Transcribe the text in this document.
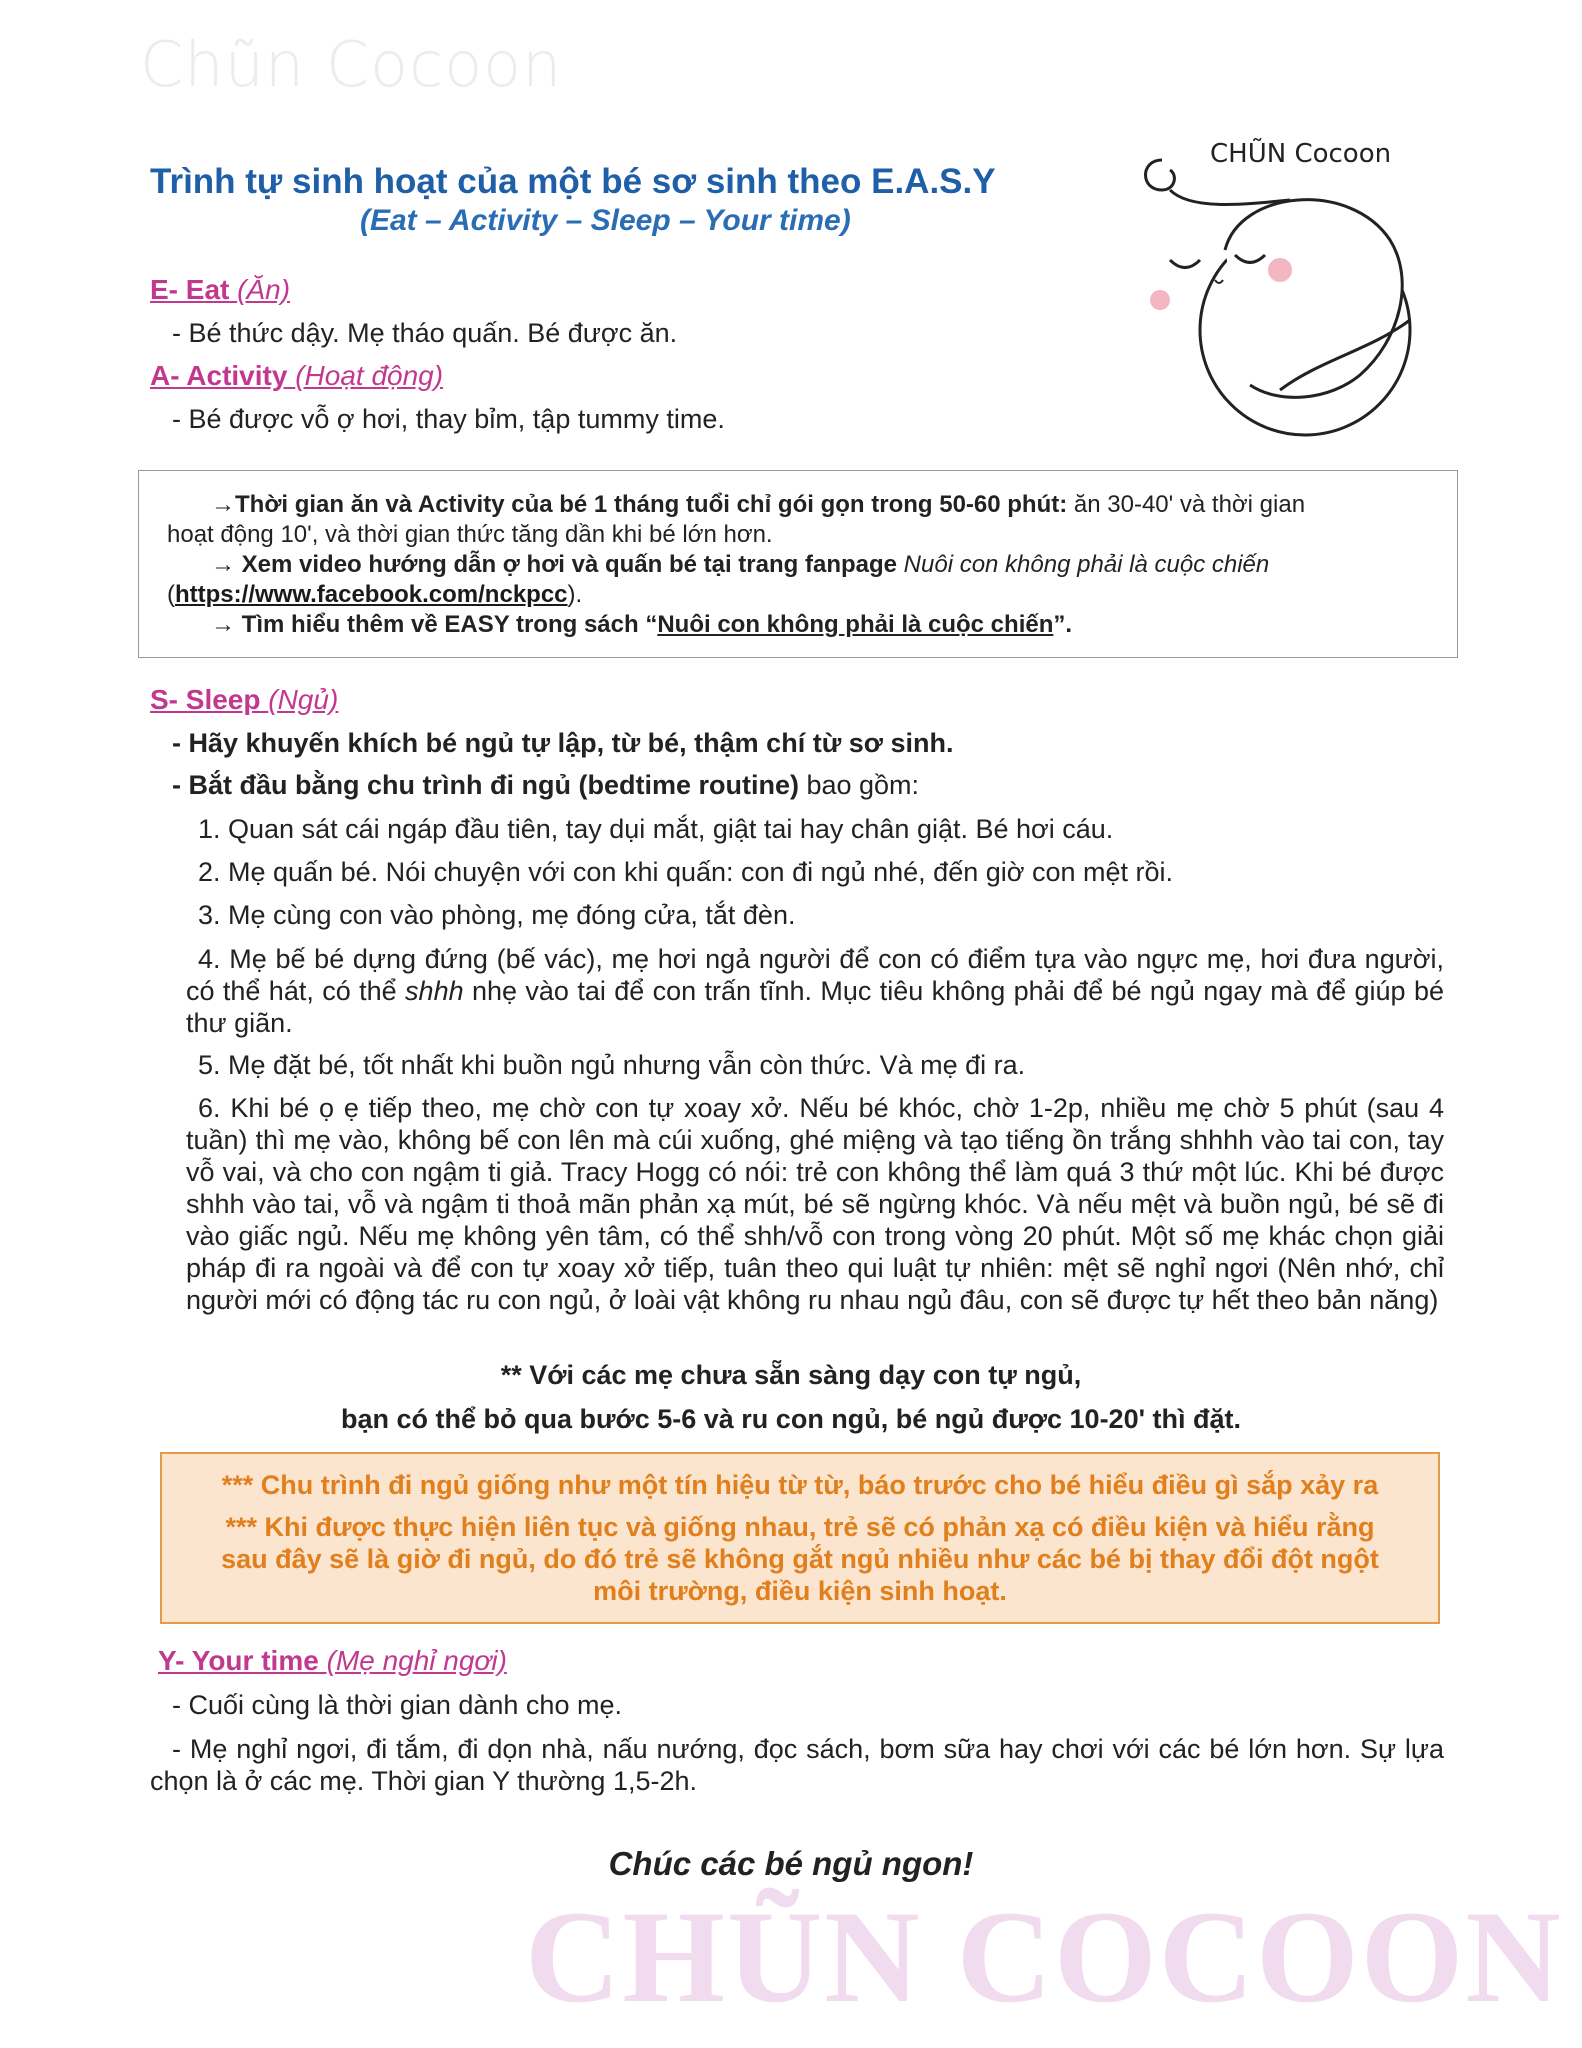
Chũn Cocoon
CHŨN Cocoon
Trình tự sinh hoạt của một bé sơ sinh theo E.A.S.Y
(Eat – Activity – Sleep – Your time)
E- Eat (Ăn)
- Bé thức dậy. Mẹ tháo quấn. Bé được ăn.
A- Activity (Hoạt động)
- Bé được vỗ ợ hơi, thay bỉm, tập tummy time.
→Thời gian ăn và Activity của bé 1 tháng tuổi chỉ gói gọn trong 50-60 phút: ăn 30-40' và thời gian
hoạt động 10', và thời gian thức tăng dần khi bé lớn hơn.
→ Xem video hướng dẫn ợ hơi và quấn bé tại trang fanpage Nuôi con không phải là cuộc chiến
(https://www.facebook.com/nckpcc).
→ Tìm hiểu thêm về EASY trong sách “Nuôi con không phải là cuộc chiến”.
S- Sleep (Ngủ)
- Hãy khuyến khích bé ngủ tự lập, từ bé, thậm chí từ sơ sinh.
- Bắt đầu bằng chu trình đi ngủ (bedtime routine) bao gồm:
1. Quan sát cái ngáp đầu tiên, tay dụi mắt, giật tai hay chân giật. Bé hơi cáu.
2. Mẹ quấn bé. Nói chuyện với con khi quấn: con đi ngủ nhé, đến giờ con mệt rồi.
3. Mẹ cùng con vào phòng, mẹ đóng cửa, tắt đèn.
4. Mẹ bế bé dựng đứng (bế vác), mẹ hơi ngả người để con có điểm tựa vào ngực mẹ, hơi đưa người, có thể hát, có thể shhh nhẹ vào tai để con trấn tĩnh. Mục tiêu không phải để bé ngủ ngay mà để giúp bé thư giãn.
5. Mẹ đặt bé, tốt nhất khi buồn ngủ nhưng vẫn còn thức. Và mẹ đi ra.
6. Khi bé ọ ẹ tiếp theo, mẹ chờ con tự xoay xở. Nếu bé khóc, chờ 1-2p, nhiều mẹ chờ 5 phút (sau 4 tuần) thì mẹ vào, không bế con lên mà cúi xuống, ghé miệng và tạo tiếng ồn trắng shhhh vào tai con, tay vỗ vai, và cho con ngậm ti giả. Tracy Hogg có nói: trẻ con không thể làm quá 3 thứ một lúc. Khi bé được shhh vào tai, vỗ và ngậm ti thoả mãn phản xạ mút, bé sẽ ngừng khóc. Và nếu mệt và buồn ngủ, bé sẽ đi vào giấc ngủ. Nếu mẹ không yên tâm, có thể shh/vỗ con trong vòng 20 phút. Một số mẹ khác chọn giải pháp đi ra ngoài và để con tự xoay xở tiếp, tuân theo qui luật tự nhiên: mệt sẽ nghỉ ngơi (Nên nhớ, chỉ người mới có động tác ru con ngủ, ở loài vật không ru nhau ngủ đâu, con sẽ được tự hết theo bản năng)
** Với các mẹ chưa sẵn sàng dạy con tự ngủ,
bạn có thể bỏ qua bước 5-6 và ru con ngủ, bé ngủ được 10-20' thì đặt.
*** Chu trình đi ngủ giống như một tín hiệu từ từ, báo trước cho bé hiểu điều gì sắp xảy ra
*** Khi được thực hiện liên tục và giống nhau, trẻ sẽ có phản xạ có điều kiện và hiểu rằng
sau đây sẽ là giờ đi ngủ, do đó trẻ sẽ không gắt ngủ nhiều như các bé bị thay đổi đột ngột
môi trường, điều kiện sinh hoạt.
Y- Your time (Mẹ nghỉ ngơi)
- Cuối cùng là thời gian dành cho mẹ.
- Mẹ nghỉ ngơi, đi tắm, đi dọn nhà, nấu nướng, đọc sách, bơm sữa hay chơi với các bé lớn hơn. Sự lựa chọn là ở các mẹ. Thời gian Y thường 1,5-2h.
Chúc các bé ngủ ngon!
CHŨN COCOON
